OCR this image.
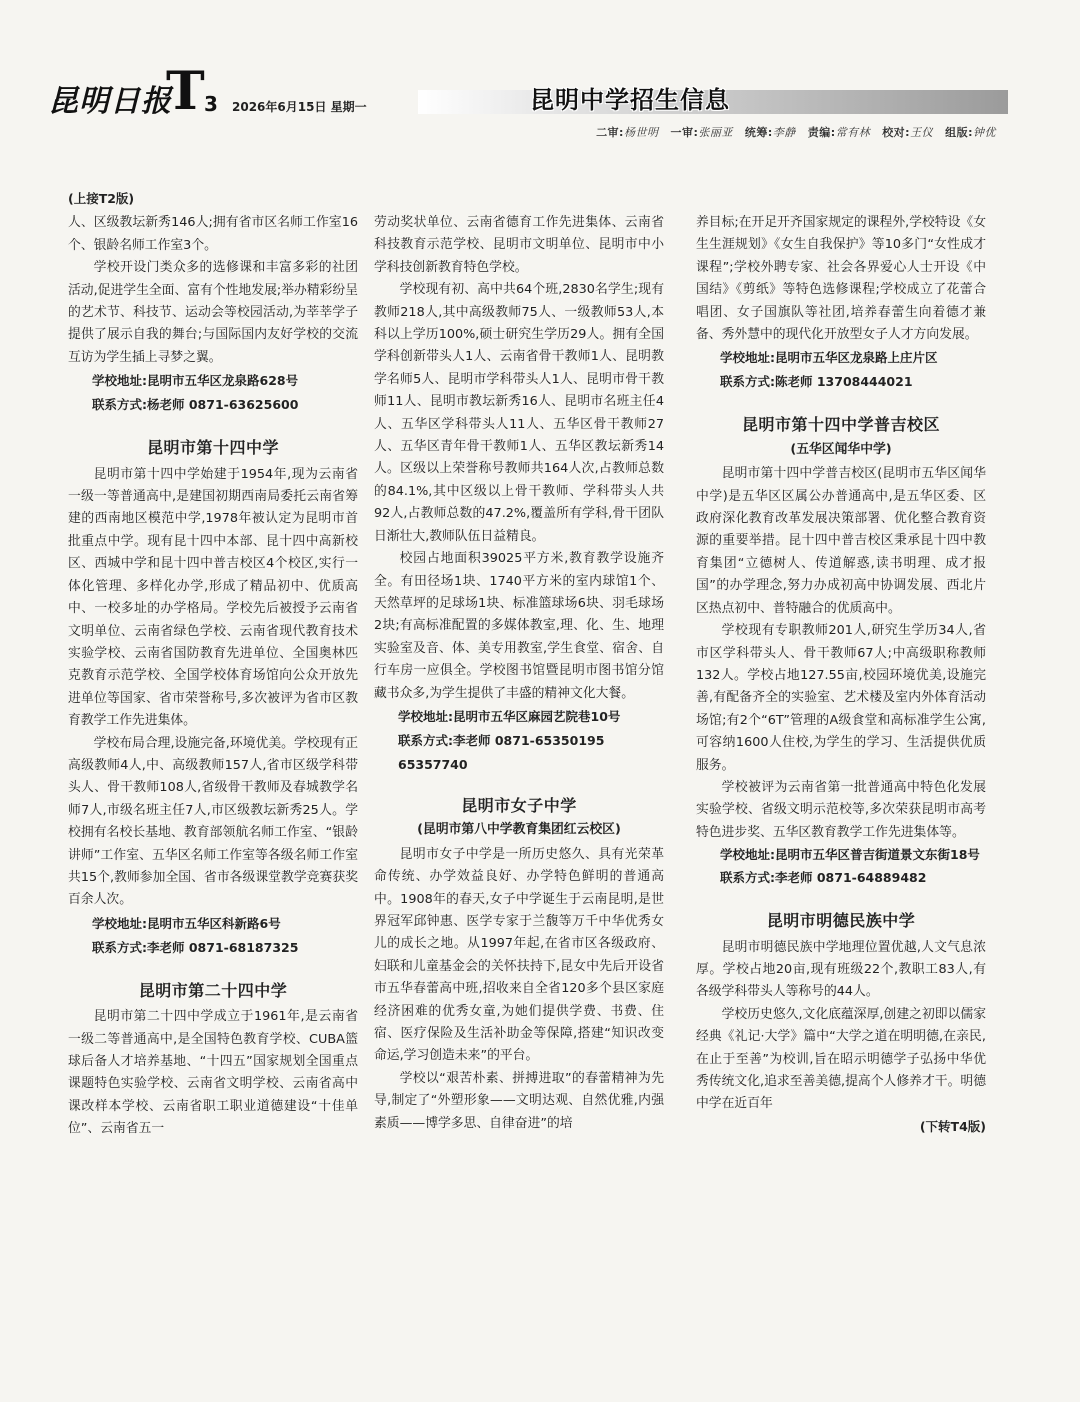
昆明日报
T 3 2026年6月15日 星期一	昆明中学招生信息
二审:杨世明 一审:张丽亚 统筹:李静 责编:常有林 校对:王仪 组版:钟优
(上接T2版)

人、区级教坛新秀146人;拥有省市区名师工作室16个、银龄名师工作室3个。

学校开设门类众多的选修课和丰富多彩的社团活动,促进学生全面、富有个性地发展;举办精彩纷呈的艺术节、科技节、运动会等校园活动,为莘莘学子提供了展示自我的舞台;与国际国内友好学校的交流互访为学生插上寻梦之翼。

学校地址:昆明市五华区龙泉路628号
联系方式:杨老师 0871-63625600
昆明市第十四中学

昆明市第十四中学始建于1954年,现为云南省一级一等普通高中,是建国初期西南局委托云南省筹建的西南地区模范中学,1978年被认定为昆明市首批重点中学。现有昆十四中本部、昆十四中高新校区、西城中学和昆十四中普吉校区4个校区,实行一体化管理、多样化办学,形成了精品初中、优质高中、一校多址的办学格局。学校先后被授予云南省文明单位、云南省绿色学校、云南省现代教育技术实验学校、云南省国防教育先进单位、全国奥林匹克教育示范学校、全国学校体育场馆向公众开放先进单位等国家、省市荣誉称号,多次被评为省市区教育教学工作先进集体。

学校布局合理,设施完备,环境优美。学校现有正高级教师4人,中、高级教师157人,省市区级学科带头人、骨干教师108人,省级骨干教师及春城教学名师7人,市级名班主任7人,市区级教坛新秀25人。学校拥有名校长基地、教育部领航名师工作室、“银龄讲师”工作室、五华区名师工作室等各级名师工作室共15个,教师参加全国、省市各级课堂教学竞赛获奖百余人次。

学校地址:昆明市五华区科新路6号
联系方式:李老师 0871-68187325
昆明市第二十四中学

昆明市第二十四中学成立于1961年,是云南省一级二等普通高中,是全国特色教育学校、CUBA篮球后备人才培养基地、“十四五”国家规划全国重点课题特色实验学校、云南省文明学校、云南省高中课改样本学校、云南省职工职业道德建设“十佳单位”、云南省五一

劳动奖状单位、云南省德育工作先进集体、云南省科技教育示范学校、昆明市文明单位、昆明市中小学科技创新教育特色学校。

学校现有初、高中共64个班,2830名学生;现有教师218人,其中高级教师75人、一级教师53人,本科以上学历100%,硕士研究生学历29人。拥有全国学科创新带头人1人、云南省骨干教师1人、昆明教学名师5人、昆明市学科带头人1人、昆明市骨干教师11人、昆明市教坛新秀16人、昆明市名班主任4人、五华区学科带头人11人、五华区骨干教师27人、五华区青年骨干教师1人、五华区教坛新秀14人。区级以上荣誉称号教师共164人次,占教师总数的84.1%,其中区级以上骨干教师、学科带头人共92人,占教师总数的47.2%,覆盖所有学科,骨干团队日渐壮大,教师队伍日益精良。

校园占地面积39025平方米,教育教学设施齐全。有田径场1块、1740平方米的室内球馆1个、天然草坪的足球场1块、标准篮球场6块、羽毛球场2块;有高标准配置的多媒体教室,理、化、生、地理实验室及音、体、美专用教室,学生食堂、宿舍、自行车房一应俱全。学校图书馆暨昆明市图书馆分馆藏书众多,为学生提供了丰盛的精神文化大餐。

学校地址:昆明市五华区麻园艺院巷10号
联系方式:李老师 0871-65350195
65357740
昆明市女子中学
(昆明市第八中学教育集团红云校区)

昆明市女子中学是一所历史悠久、具有光荣革命传统、办学效益良好、办学特色鲜明的普通高中。1908年的春天,女子中学诞生于云南昆明,是世界冠军邱钟惠、医学专家于兰馥等万千中华优秀女儿的成长之地。从1997年起,在省市区各级政府、妇联和儿童基金会的关怀扶持下,昆女中先后开设省市五华春蕾高中班,招收来自全省120多个县区家庭经济困难的优秀女童,为她们提供学费、书费、住宿、医疗保险及生活补助金等保障,搭建“知识改变命运,学习创造未来”的平台。

学校以“艰苦朴素、拼搏进取”的春蕾精神为先导,制定了“外塑形象——文明达观、自然优雅,内强素质——博学多思、自律奋进”的培

养目标;在开足开齐国家规定的课程外,学校特设《女生生涯规划》《女生自我保护》等10多门“女性成才课程”;学校外聘专家、社会各界爱心人士开设《中国结》《剪纸》等特色选修课程;学校成立了花蕾合唱团、女子国旗队等社团,培养春蕾生向着德才兼备、秀外慧中的现代化开放型女子人才方向发展。

学校地址:昆明市五华区龙泉路上庄片区
联系方式:陈老师 13708444021
昆明市第十四中学普吉校区
(五华区闻华中学)

昆明市第十四中学普吉校区(昆明市五华区闻华中学)是五华区区属公办普通高中,是五华区委、区政府深化教育改革发展决策部署、优化整合教育资源的重要举措。昆十四中普吉校区秉承昆十四中教育集团“立德树人、传道解惑,读书明理、成才报国”的办学理念,努力办成初高中协调发展、西北片区热点初中、普特融合的优质高中。

学校现有专职教师201人,研究生学历34人,省市区学科带头人、骨干教师67人;中高级职称教师132人。学校占地127.55亩,校园环境优美,设施完善,有配备齐全的实验室、艺术楼及室内外体育活动场馆;有2个“6T”管理的A级食堂和高标准学生公寓,可容纳1600人住校,为学生的学习、生活提供优质服务。

学校被评为云南省第一批普通高中特色化发展实验学校、省级文明示范校等,多次荣获昆明市高考特色进步奖、五华区教育教学工作先进集体等。

学校地址:昆明市五华区普吉街道景文东街18号
联系方式:李老师 0871-64889482
昆明市明德民族中学

昆明市明德民族中学地理位置优越,人文气息浓厚。学校占地20亩,现有班级22个,教职工83人,有各级学科带头人等称号的44人。

学校历史悠久,文化底蕴深厚,创建之初即以儒家经典《礼记·大学》篇中“大学之道在明明德,在亲民,在止于至善”为校训,旨在昭示明德学子弘扬中华优秀传统文化,追求至善美德,提高个人修养才干。明德中学在近百年

(下转T4版)
